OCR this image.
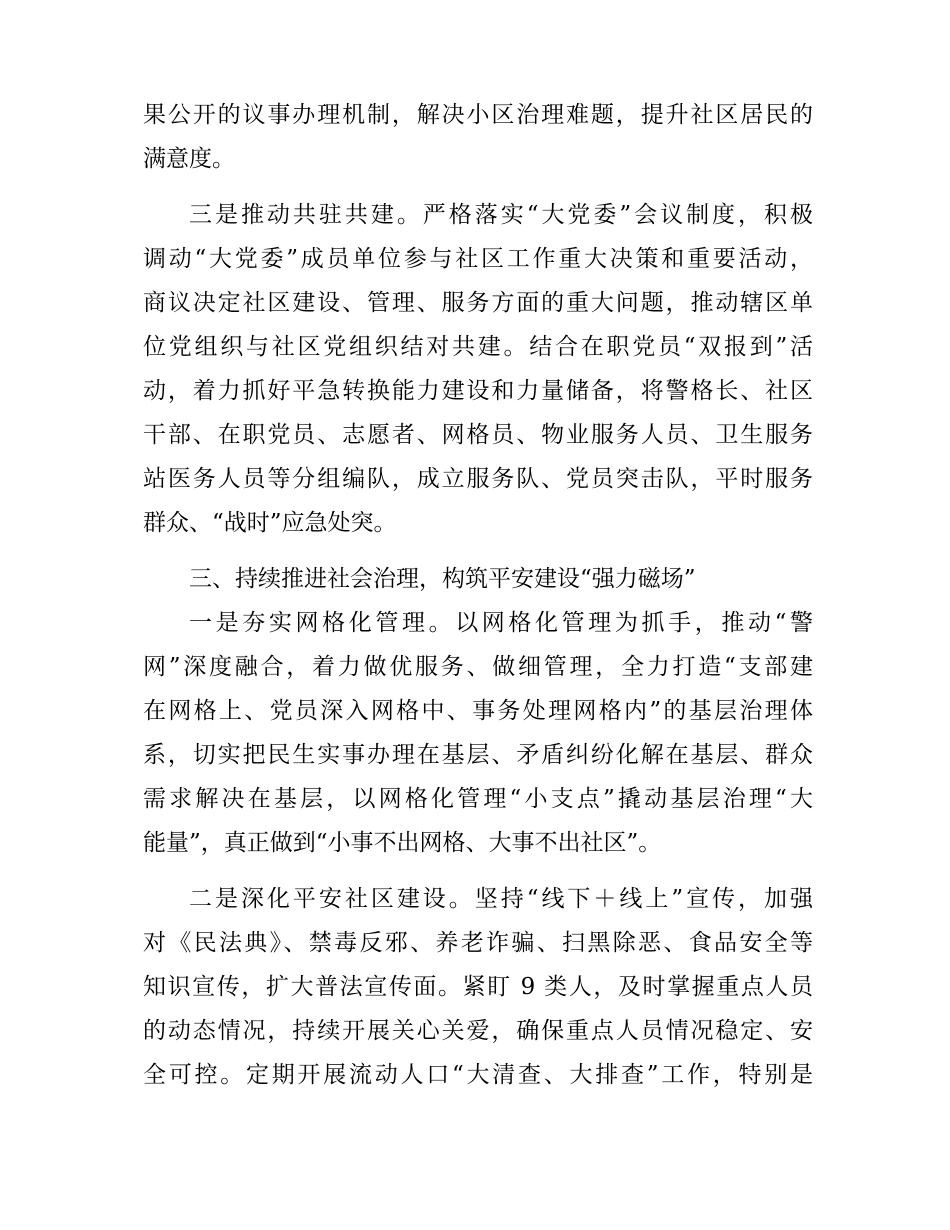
果公开的议事办理机制，解决小区治理难题，提升社区居民的
满意度。
三是推动共驻共建。严格落实“大党委”会议制度，积极
调动“大党委”成员单位参与社区工作重大决策和重要活动，
商议决定社区建设、管理、服务方面的重大问题，推动辖区单
位党组织与社区党组织结对共建。结合在职党员“双报到”活
动，着力抓好平急转换能力建设和力量储备，将警格长、社区
干部、在职党员、志愿者、网格员、物业服务人员、卫生服务
站医务人员等分组编队，成立服务队、党员突击队，平时服务
群众、“战时”应急处突。
三、持续推进社会治理，构筑平安建设“强力磁场”
一是夯实网格化管理。以网格化管理为抓手，推动“警
网”深度融合，着力做优服务、做细管理，全力打造“支部建
在网格上、党员深入网格中、事务处理网格内”的基层治理体
系，切实把民生实事办理在基层、矛盾纠纷化解在基层、群众
需求解决在基层，以网格化管理“小支点”撬动基层治理“大
能量”，真正做到“小事不出网格、大事不出社区”。
二是深化平安社区建设。坚持“线下＋线上”宣传，加强
对《民法典》、禁毒反邪、养老诈骗、扫黑除恶、食品安全等
知识宣传，扩大普法宣传面。紧盯 9 类人，及时掌握重点人员
的动态情况，持续开展关心关爱，确保重点人员情况稳定、安
全可控。定期开展流动人口“大清查、大排查”工作，特别是
